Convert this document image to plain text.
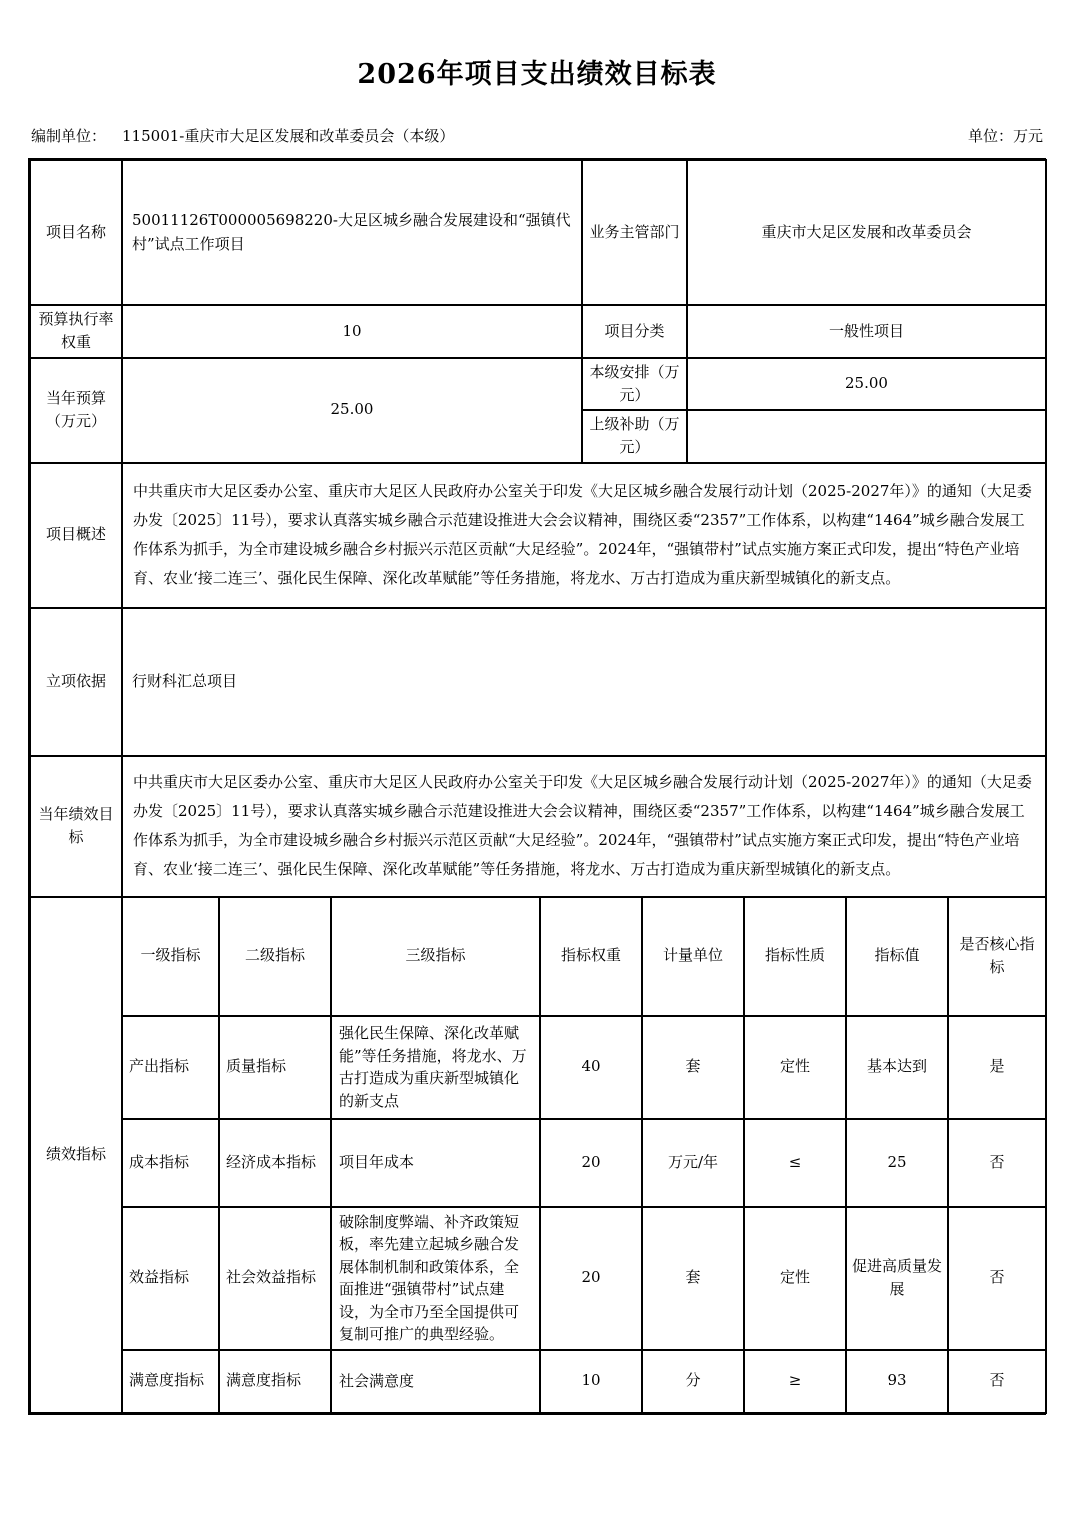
2026年项目支出绩效目标表
编制单位： 115001-重庆市大足区发展和改革委员会（本级）	单位：万元
项目名称	50011126T000005698220-大足区城乡融合发展建设和“强镇代村”试点工作项目	业务主管部门	重庆市大足区发展和改革委员会
预算执行率权重	10	项目分类	一般性项目
当年预算（万元）	25.00	本级安排（万元）	25.00
		上级补助（万元）	
项目概述	中共重庆市大足区委办公室、重庆市大足区人民政府办公室关于印发《大足区城乡融合发展行动计划（2025-2027年）》的通知（大足委办发〔2025〕11号），要求认真落实城乡融合示范建设推进大会会议精神，围绕区委“2357”工作体系，以构建“1464”城乡融合发展工作体系为抓手，为全市建设城乡融合乡村振兴示范区贡献“大足经验”。2024年，“强镇带村”试点实施方案正式印发，提出“特色产业培育、农业‘接二连三’、强化民生保障、深化改革赋能”等任务措施，将龙水、万古打造成为重庆新型城镇化的新支点。		
立项依据	行财科汇总项目		
当年绩效目标	中共重庆市大足区委办公室、重庆市大足区人民政府办公室关于印发《大足区城乡融合发展行动计划（2025-2027年）》的通知（大足委办发〔2025〕11号），要求认真落实城乡融合示范建设推进大会会议精神，围绕区委“2357”工作体系，以构建“1464”城乡融合发展工作体系为抓手，为全市建设城乡融合乡村振兴示范区贡献“大足经验”。2024年，“强镇带村”试点实施方案正式印发，提出“特色产业培育、农业‘接二连三’、强化民生保障、深化改革赋能”等任务措施，将龙水、万古打造成为重庆新型城镇化的新支点。		
绩效指标	一级指标	二级指标	三级指标	指标权重	计量单位	指标性质	指标值	是否核心指标
	产出指标	质量指标	强化民生保障、深化改革赋能”等任务措施，将龙水、万古打造成为重庆新型城镇化的新支点	40	套	定性	基本达到	是
	成本指标	经济成本指标	项目年成本	20	万元/年	≤	25	否
	效益指标	社会效益指标	破除制度弊端、补齐政策短板，率先建立起城乡融合发展体制机制和政策体系，全面推进“强镇带村”试点建设，为全市乃至全国提供可复制可推广的典型经验。	20	套	定性	促进高质量发展	否
	满意度指标	满意度指标	社会满意度	10	分	≥	93	否
